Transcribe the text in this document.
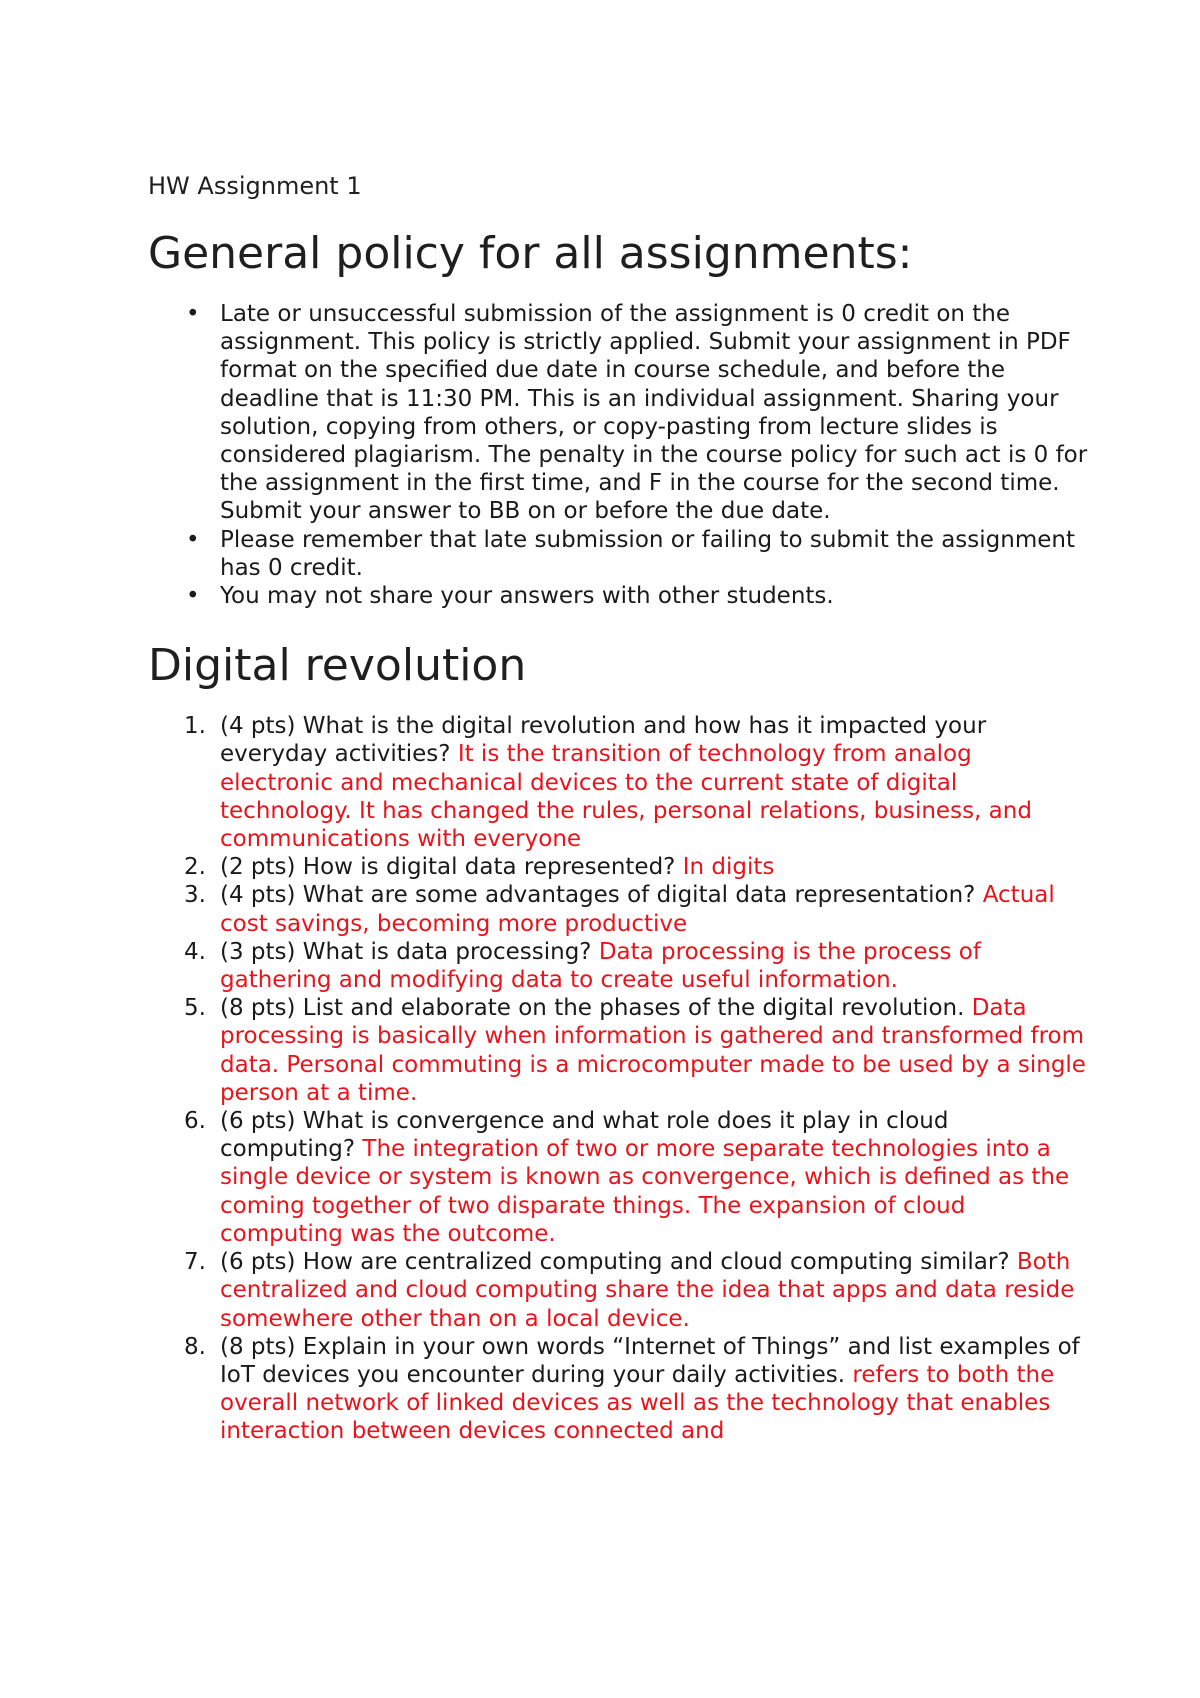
HW Assignment 1
General policy for all assignments:
• Late or unsuccessful submission of the assignment is 0 credit on the assignment. This policy is strictly applied. Submit your assignment in PDF format on the specified due date in course schedule, and before the deadline that is 11:30 PM. This is an individual assignment. Sharing your solution, copying from others, or copy-pasting from lecture slides is considered plagiarism. The penalty in the course policy for such act is 0 for the assignment in the first time, and F in the course for the second time. Submit your answer to BB on or before the due date.
• Please remember that late submission or failing to submit the assignment has 0 credit.
• You may not share your answers with other students.
Digital revolution
1. (4 pts) What is the digital revolution and how has it impacted your everyday activities? It is the transition of technology from analog electronic and mechanical devices to the current state of digital technology. It has changed the rules, personal relations, business, and communications with everyone
2. (2 pts) How is digital data represented? In digits
3. (4 pts) What are some advantages of digital data representation? Actual cost savings, becoming more productive
4. (3 pts) What is data processing? Data processing is the process of gathering and modifying data to create useful information.
5. (8 pts) List and elaborate on the phases of the digital revolution. Data processing is basically when information is gathered and transformed from data. Personal commuting is a microcomputer made to be used by a single person at a time.
6. (6 pts) What is convergence and what role does it play in cloud computing? The integration of two or more separate technologies into a single device or system is known as convergence, which is defined as the coming together of two disparate things. The expansion of cloud computing was the outcome.
7. (6 pts) How are centralized computing and cloud computing similar? Both centralized and cloud computing share the idea that apps and data reside somewhere other than on a local device.
8. (8 pts) Explain in your own words “Internet of Things” and list examples of IoT devices you encounter during your daily activities. refers to both the overall network of linked devices as well as the technology that enables interaction between devices connected and
